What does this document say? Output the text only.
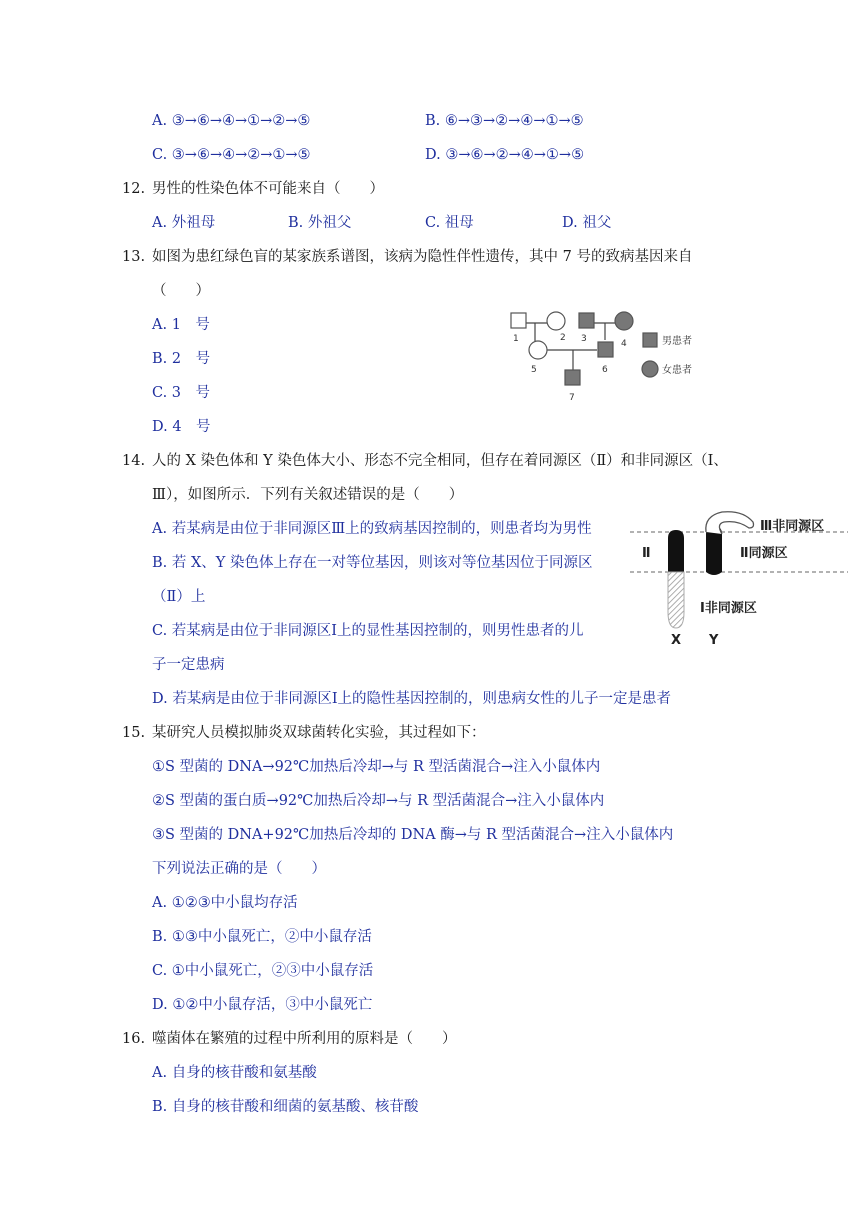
A. ③→⑥→④→①→②→⑤	B. ⑥→③→②→④→①→⑤
C. ③→⑥→④→②→①→⑤	D. ③→⑥→②→④→①→⑤
12. 男性的性染色体不可能来自（　　）
A. 外祖母	B. 外祖父	C. 祖母	D. 祖父
13. 如图为患红绿色盲的某家族系谱图，该病为隐性伴性遗传，其中 7 号的致病基因来自
（　　）
A. 1　号
B. 2　号
C. 3　号
D. 4　号
1	2 3	4
5	6
7
男患者
女患者
14. 人的 X 染色体和 Y 染色体大小、形态不完全相同，但存在着同源区（Ⅱ）和非同源区（Ⅰ、
Ⅲ），如图所示．下列有关叙述错误的是（　　）
A. 若某病是由位于非同源区Ⅲ上的致病基因控制的，则患者均为男性
B. 若 X、Y 染色体上存在一对等位基因，则该对等位基因位于同源区
（Ⅱ）上
C. 若某病是由位于非同源区Ⅰ上的显性基因控制的，则男性患者的儿
子一定患病
D. 若某病是由位于非同源区Ⅰ上的隐性基因控制的，则患病女性的儿子一定是患者
Ⅲ非同源区
Ⅱ同源区
Ⅱ
Ⅰ非同源区
X Y
15. 某研究人员模拟肺炎双球菌转化实验，其过程如下：
①S 型菌的 DNA→92℃加热后冷却→与 R 型活菌混合→注入小鼠体内
②S 型菌的蛋白质→92℃加热后冷却→与 R 型活菌混合→注入小鼠体内
③S 型菌的 DNA+92℃加热后冷却的 DNA 酶→与 R 型活菌混合→注入小鼠体内
下列说法正确的是（　　）
A. ①②③中小鼠均存活
B. ①③中小鼠死亡，②中小鼠存活
C. ①中小鼠死亡，②③中小鼠存活
D. ①②中小鼠存活，③中小鼠死亡
16. 噬菌体在繁殖的过程中所利用的原料是（　　）
A. 自身的核苷酸和氨基酸
B. 自身的核苷酸和细菌的氨基酸、核苷酸
